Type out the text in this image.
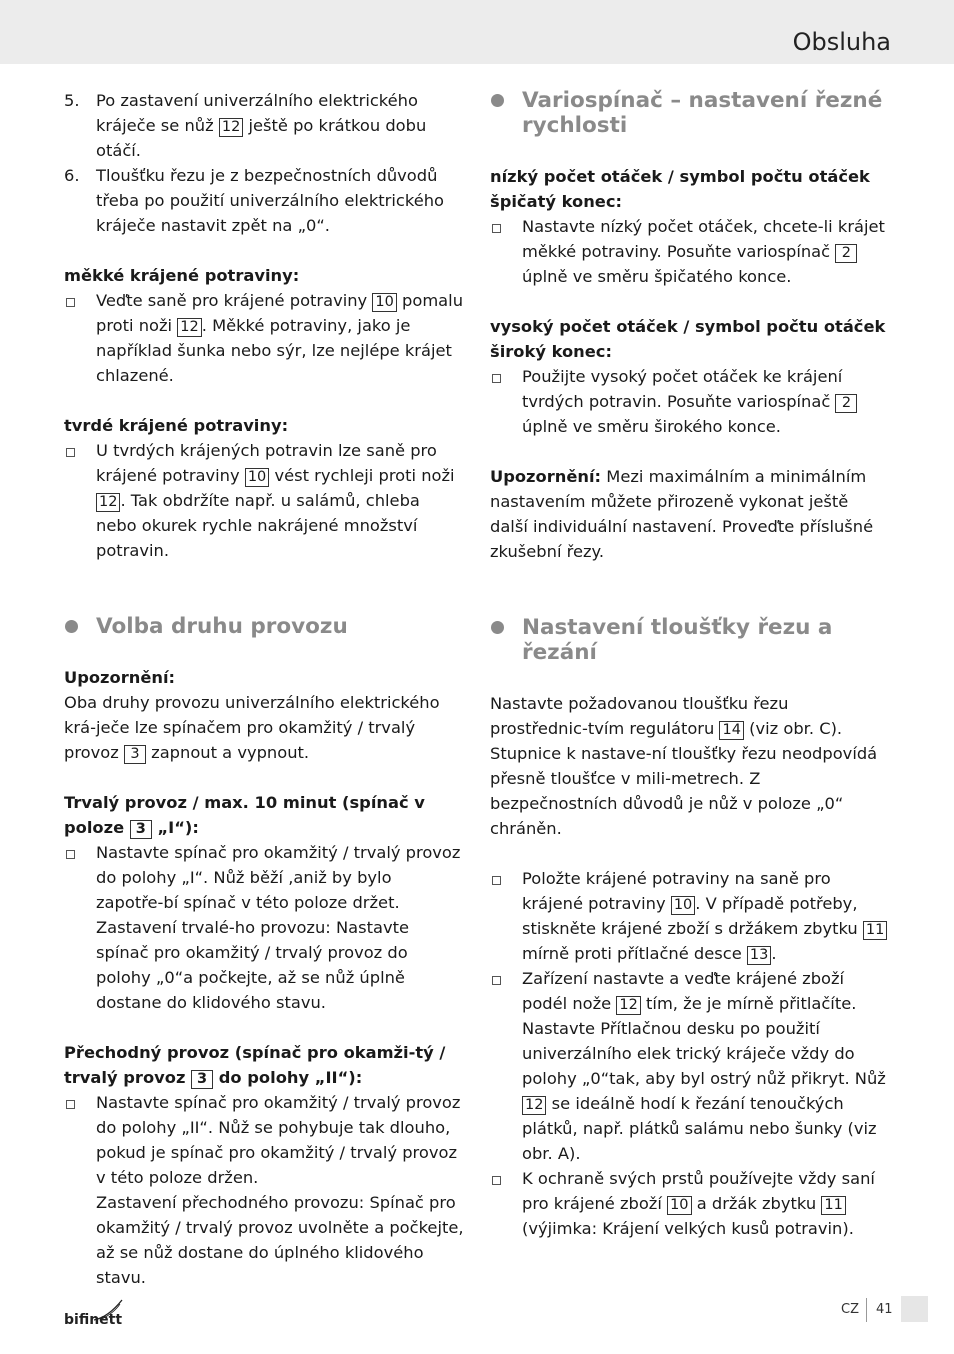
Obsluha
5. Po zastavení univerzálního elektrického kráječe se nůž 12 ještě po krátkou dobu otáčí.
6. Tloušťku řezu je z bezpečnostních důvodů třeba po použití univerzálního elektrického kráječe nastavit zpět na „0“.

měkké krájené potraviny:

Veďte saně pro krájené potraviny 10 pomalu proti noži 12 . Měkké potraviny, jako je například šunka nebo sýr, lze nejlépe krájet chlazené.

tvrdé krájené potraviny:

U tvrdých krájených potravin lze saně pro krájené potraviny 10 vést rychleji proti noži 12 . Tak obdržíte např. u salámů, chleba nebo okurek rychle nakrájené množství potravin.

Volba druhu provozu

Upozornění:

Oba druhy provozu univerzálního elektrického krá-ječe lze spínačem pro okamžitý / trvalý provoz 3 zapnout a vypnout.

Trvalý provoz / max. 10 minut (spínač v poloze 3 „I“):

Nastavte spínač pro okamžitý / trvalý provoz do polohy „I“. Nůž běží ,aniž by bylo zapotře-bí spínač v této poloze držet. Zastavení trvalé-ho provozu: Nastavte spínač pro okamžitý / trvalý provoz do polohy „0“a počkejte, až se nůž úplně dostane do klidového stavu.

Přechodný provoz (spínač pro okamži-tý / trvalý provoz 3 do polohy „II“):

Nastavte spínač pro okamžitý / trvalý provoz do polohy „II“. Nůž se pohybuje tak dlouho, pokud je spínač pro okamžitý / trvalý provoz v této poloze držen.
Zastavení přechodného provozu: Spínač pro okamžitý / trvalý provoz uvolněte a počkejte, až se nůž dostane do úplného klidového stavu.

Variospínač – nastavení řezné rychlosti

nízký počet otáček / symbol počtu otáček špičatý konec:

Nastavte nízký počet otáček, chcete-li krájet měkké potraviny. Posuňte variospínač 2 úplně ve směru špičatého konce.

vysoký počet otáček / symbol počtu otáček široký konec:

Použijte vysoký počet otáček ke krájení tvrdých potravin. Posuňte variospínač 2 úplně ve směru širokého konce.

Upozornění: Mezi maximálním a minimálním nastavením můžete přirozeně vykonat ještě další individuální nastavení. Proveďte příslušné zkušební řezy.

Nastavení tloušťky řezu a řezání

Nastavte požadovanou tloušťku řezu prostřednic-tvím regulátoru 14 (viz obr. C). Stupnice k nastave-ní tloušťky řezu neodpovídá přesně tloušťce v mili-metrech. Z bezpečnostních důvodů je nůž v poloze „0“ chráněn.

Položte krájené potraviny na saně pro krájené potraviny 10 . V případě potřeby, stiskněte krájené zboží s držákem zbytku 11 mírně proti přítlačné desce 13 .
Zařízení nastavte a veďte krájené zboží podél nože 12 tím, že je mírně přitlačíte. Nastavte Přítlačnou desku po použití univerzálního elek trický kráječe vždy do polohy „0“tak, aby byl ostrý nůž přikryt. Nůž 12 se ideálně hodí k řezání tenoučkých plátků, např. plátků salámu nebo šunky (viz obr. A).
K ochraně svých prstů používejte vždy saní pro krájené zboží 10 a držák zbytku 11 (výjimka: Krájení velkých kusů potravin).
bifinett
CZ 41
